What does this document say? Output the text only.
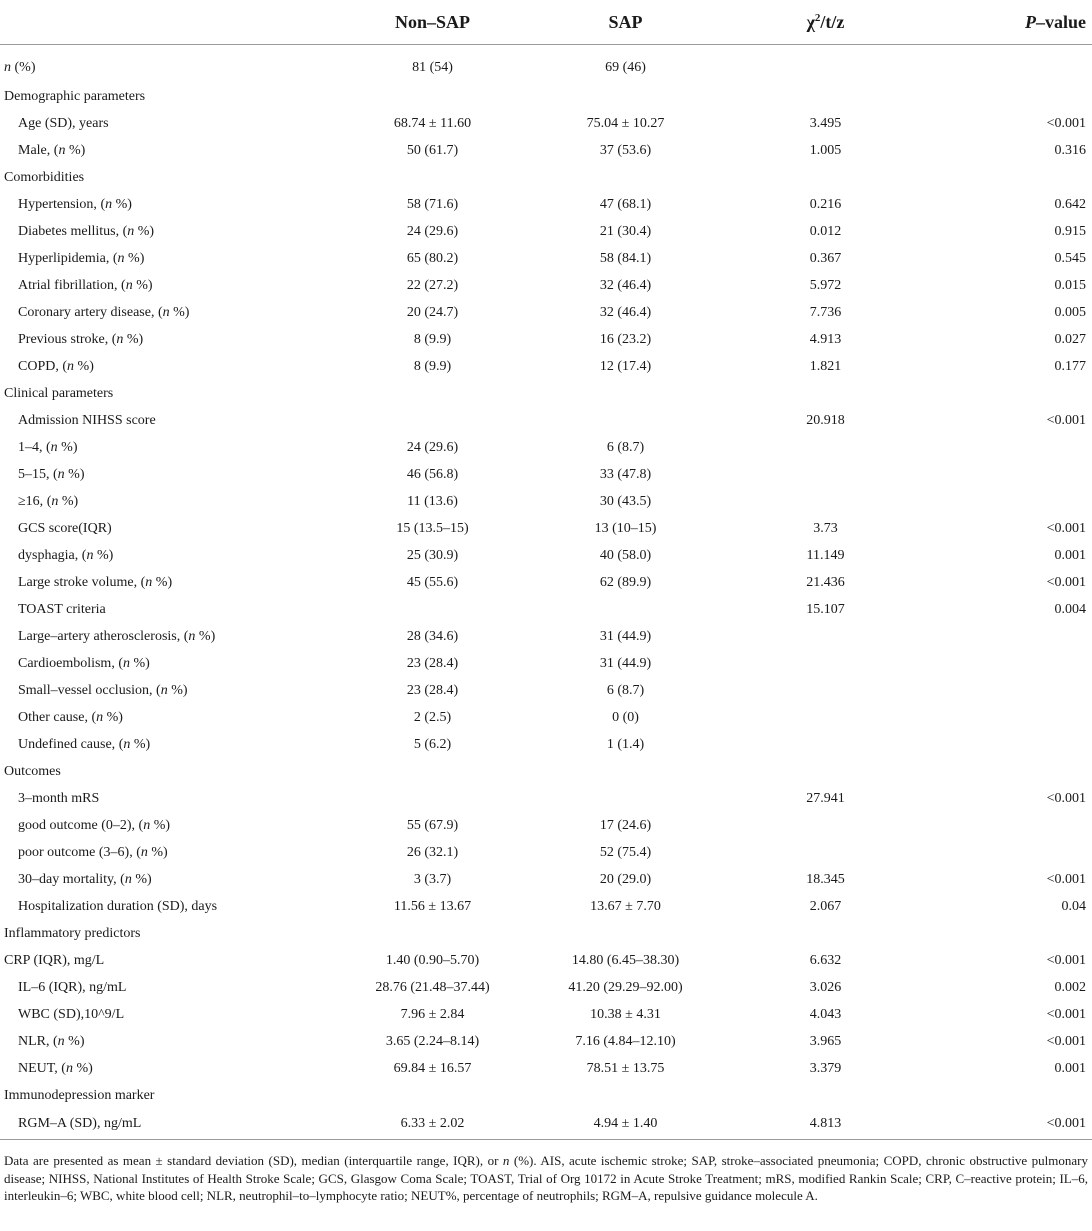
	Non–SAP	SAP	$\chi^2/t/z$	P–value
n (%)	81 (54)	69 (46)		
Demographic parameters				
Age (SD), years	68.74 ± 11.60	75.04 ± 10.27	3.495	<0.001
Male, (n %)	50 (61.7)	37 (53.6)	1.005	0.316
Comorbidities				
Hypertension, (n %)	58 (71.6)	47 (68.1)	0.216	0.642
Diabetes mellitus, (n %)	24 (29.6)	21 (30.4)	0.012	0.915
Hyperlipidemia, (n %)	65 (80.2)	58 (84.1)	0.367	0.545
Atrial fibrillation, (n %)	22 (27.2)	32 (46.4)	5.972	0.015
Coronary artery disease, (n %)	20 (24.7)	32 (46.4)	7.736	0.005
Previous stroke, (n %)	8 (9.9)	16 (23.2)	4.913	0.027
COPD, (n %)	8 (9.9)	12 (17.4)	1.821	0.177
Clinical parameters				
Admission NIHSS score			20.918	<0.001
1–4, (n %)	24 (29.6)	6 (8.7)		
5–15, (n %)	46 (56.8)	33 (47.8)		
≥16, (n %)	11 (13.6)	30 (43.5)		
GCS score(IQR)	15 (13.5–15)	13 (10–15)	3.73	<0.001
dysphagia, (n %)	25 (30.9)	40 (58.0)	11.149	0.001
Large stroke volume, (n %)	45 (55.6)	62 (89.9)	21.436	<0.001
TOAST criteria			15.107	0.004
Large–artery atherosclerosis, (n %)	28 (34.6)	31 (44.9)		
Cardioembolism, (n %)	23 (28.4)	31 (44.9)		
Small–vessel occlusion, (n %)	23 (28.4)	6 (8.7)		
Other cause, (n %)	2 (2.5)	0 (0)		
Undefined cause, (n %)	5 (6.2)	1 (1.4)		
Outcomes				
3–month mRS			27.941	<0.001
good outcome (0–2), (n %)	55 (67.9)	17 (24.6)		
poor outcome (3–6), (n %)	26 (32.1)	52 (75.4)		
30–day mortality, (n %)	3 (3.7)	20 (29.0)	18.345	<0.001
Hospitalization duration (SD), days	11.56 ± 13.67	13.67 ± 7.70	2.067	0.04
Inflammatory predictors				
CRP (IQR), mg/L	1.40 (0.90–5.70)	14.80 (6.45–38.30)	6.632	<0.001
IL–6 (IQR), ng/mL	28.76 (21.48–37.44)	41.20 (29.29–92.00)	3.026	0.002
WBC (SD),10^9/L	7.96 ± 2.84	10.38 ± 4.31	4.043	<0.001
NLR, (n %)	3.65 (2.24–8.14)	7.16 (4.84–12.10)	3.965	<0.001
NEUT, (n %)	69.84 ± 16.57	78.51 ± 13.75	3.379	0.001
Immunodepression marker				
RGM–A (SD), ng/mL	6.33 ± 2.02	4.94 ± 1.40	4.813	<0.001
Data are presented as mean ± standard deviation (SD), median (interquartile range, IQR), or n (%). AIS, acute ischemic stroke; SAP, stroke–associated pneumonia; COPD, chronic obstructive pulmonary disease; NIHSS, National Institutes of Health Stroke Scale; GCS, Glasgow Coma Scale; TOAST, Trial of Org 10172 in Acute Stroke Treatment; mRS, modified Rankin Scale; CRP, C–reactive protein; IL–6, interleukin–6; WBC, white blood cell; NLR, neutrophil–to–lymphocyte ratio; NEUT%, percentage of neutrophils; RGM–A, repulsive guidance molecule A.
